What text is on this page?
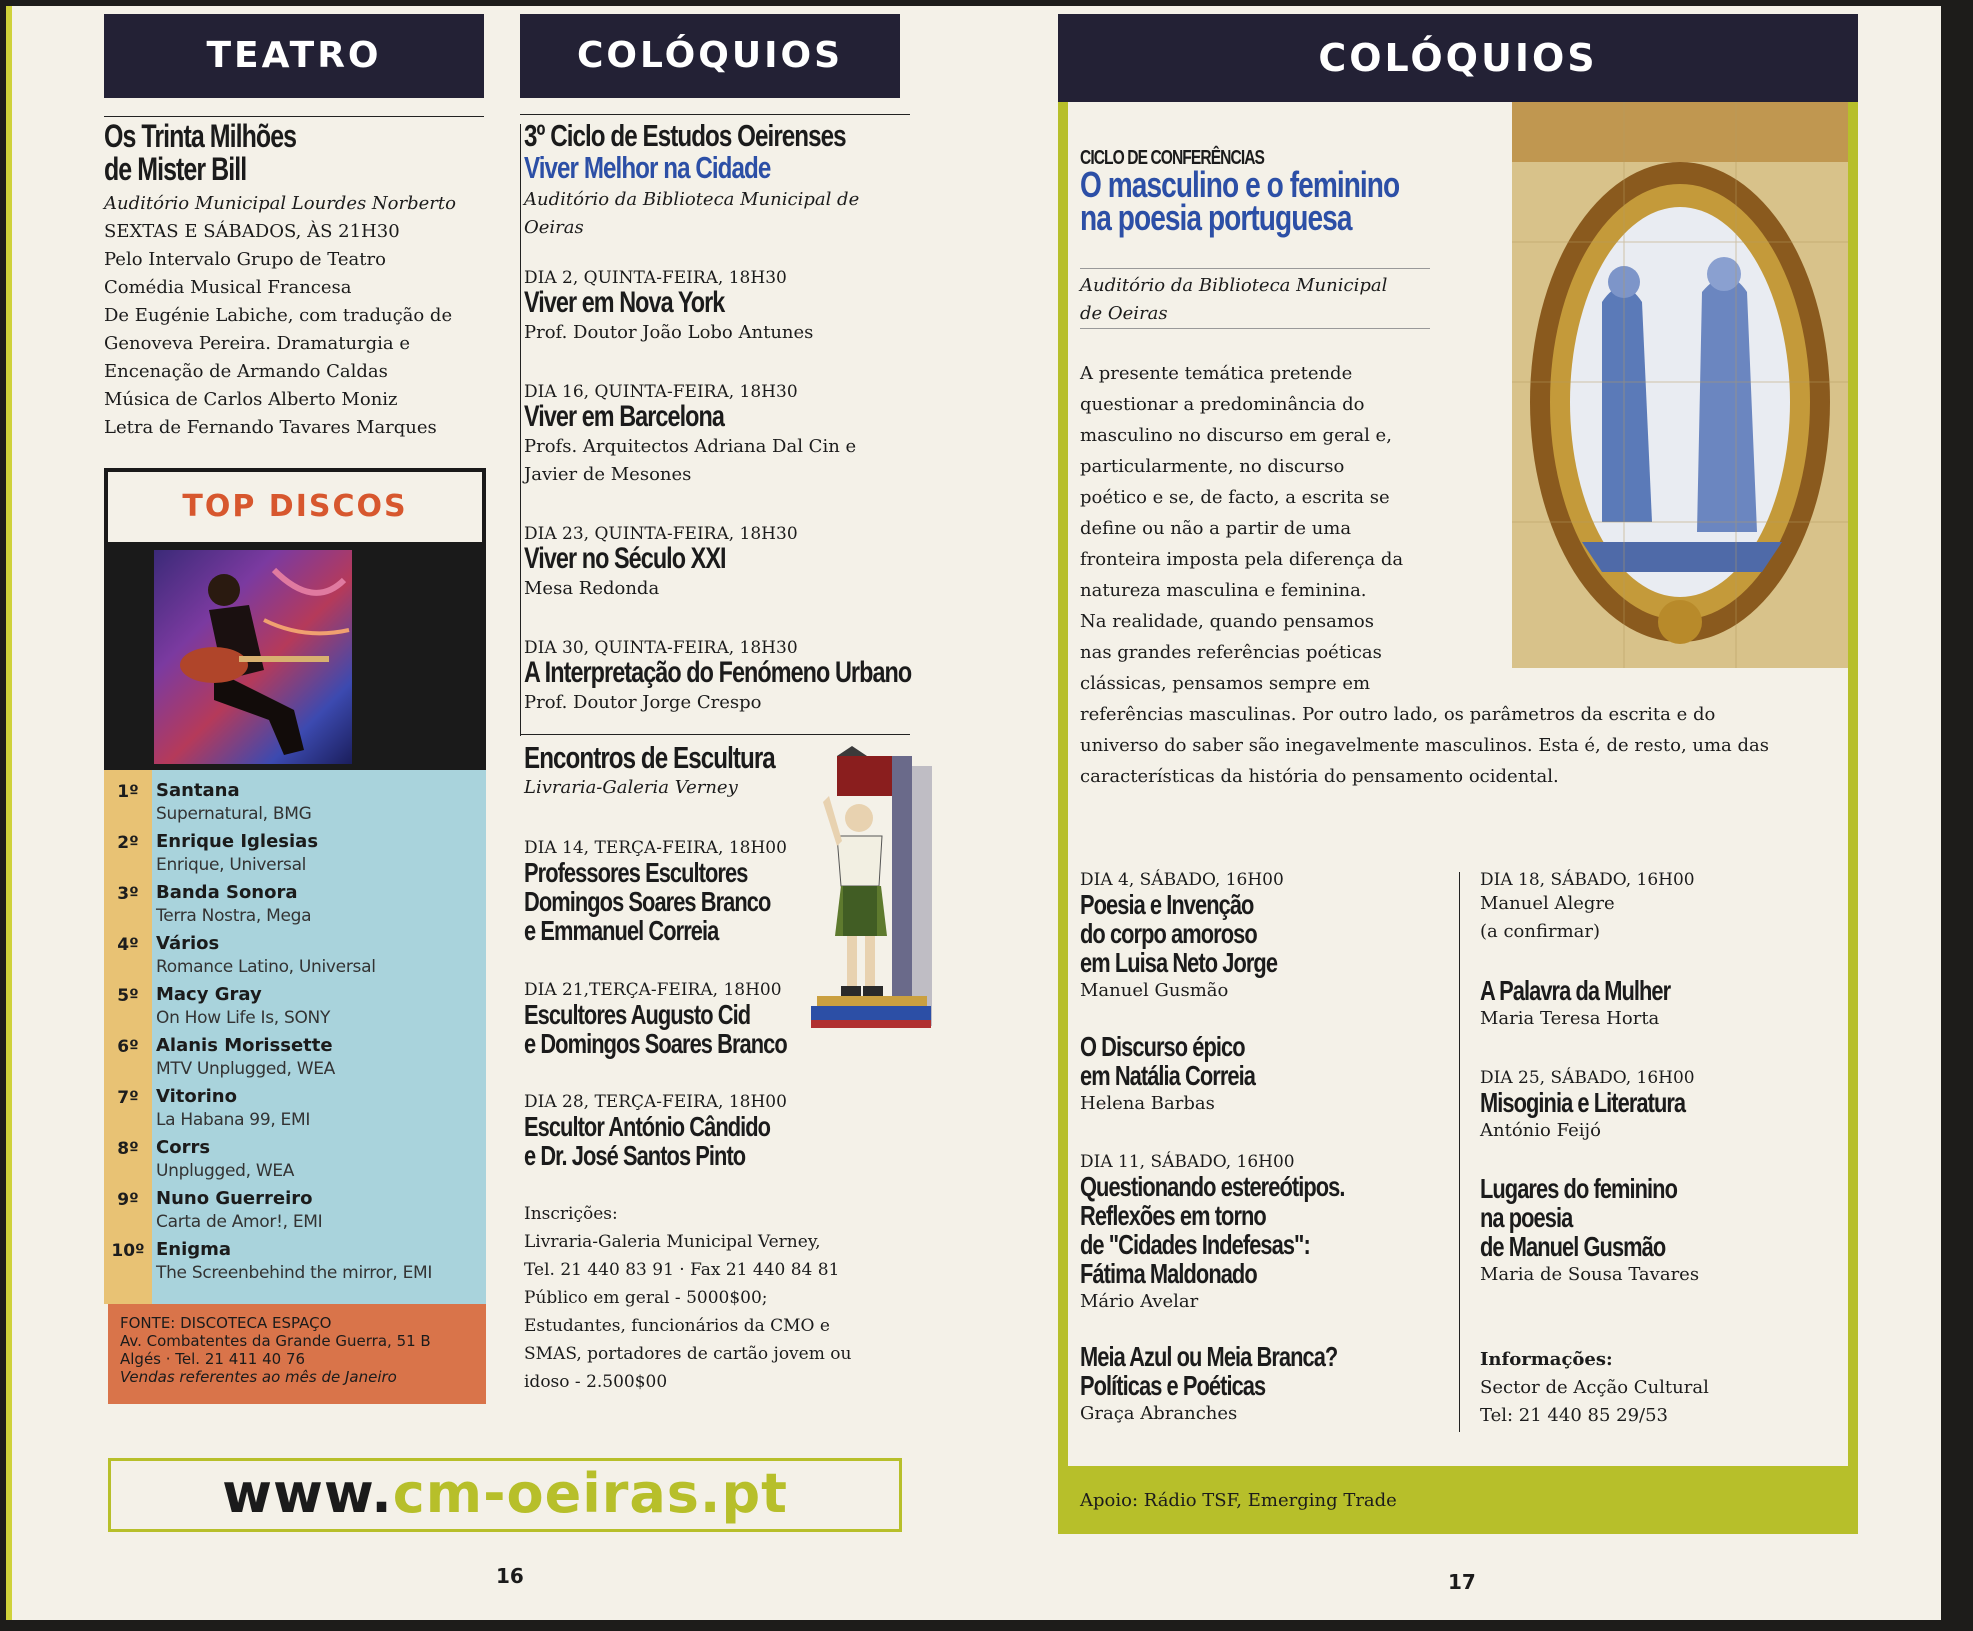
TEATRO
Os Trinta Milhões
de Mister Bill
Auditório Municipal Lourdes Norberto
SEXTAS E SÁBADOS, ÀS 21H30
Pelo Intervalo Grupo de Teatro
Comédia Musical Francesa
De Eugénie Labiche, com tradução de
Genoveva Pereira. Dramaturgia e
Encenação de Armando Caldas
Música de Carlos Alberto Moniz
Letra de Fernando Tavares Marques
TOP DISCOS
1º Santana
Supernatural, BMG
2º Enrique Iglesias
Enrique, Universal
3º Banda Sonora
Terra Nostra, Mega
4º Vários
Romance Latino, Universal
5º Macy Gray
On How Life Is, SONY
6º Alanis Morissette
MTV Unplugged, WEA
7º Vitorino
La Habana 99, EMI
8º Corrs
Unplugged, WEA
9º Nuno Guerreiro
Carta de Amor!, EMI
10º Enigma
The Screenbehind the mirror, EMI
FONTE: DISCOTECA ESPAÇO
Av. Combatentes da Grande Guerra, 51 B
Algés · Tel. 21 411 40 76
Vendas referentes ao mês de Janeiro
COLÓQUIOS
3º Ciclo de Estudos Oeirenses
Viver Melhor na Cidade
Auditório da Biblioteca Municipal de
Oeiras
DIA 2, QUINTA-FEIRA, 18H30
Viver em Nova York
Prof. Doutor João Lobo Antunes
DIA 16, QUINTA-FEIRA, 18H30
Viver em Barcelona
Profs. Arquitectos Adriana Dal Cin e
Javier de Mesones
DIA 23, QUINTA-FEIRA, 18H30
Viver no Século XXI
Mesa Redonda
DIA 30, QUINTA-FEIRA, 18H30
A Interpretação do Fenómeno Urbano
Prof. Doutor Jorge Crespo
Encontros de Escultura
Livraria-Galeria Verney
DIA 14, TERÇA-FEIRA, 18H00
Professores Escultores
Domingos Soares Branco
e Emmanuel Correia
DIA 21,TERÇA-FEIRA, 18H00
Escultores Augusto Cid
e Domingos Soares Branco
DIA 28, TERÇA-FEIRA, 18H00
Escultor António Cândido
e Dr. José Santos Pinto
Inscrições:
Livraria-Galeria Municipal Verney,
Tel. 21 440 83 91 · Fax 21 440 84 81
Público em geral - 5000$00;
Estudantes, funcionários da CMO e
SMAS, portadores de cartão jovem ou
idoso - 2.500$00
www.cm-oeiras.pt
16
COLÓQUIOS
CICLO DE CONFERÊNCIAS
O masculino e o feminino
na poesia portuguesa
Auditório da Biblioteca Municipal
de Oeiras
A presente temática pretende
questionar a predominância do
masculino no discurso em geral e,
particularmente, no discurso
poético e se, de facto, a escrita se
define ou não a partir de uma
fronteira imposta pela diferença da
natureza masculina e feminina.
Na realidade, quando pensamos
nas grandes referências poéticas
clássicas, pensamos sempre em
referências masculinas. Por outro lado, os parâmetros da escrita e do
universo do saber são inegavelmente masculinos. Esta é, de resto, uma das
características da história do pensamento ocidental.
DIA 4, SÁBADO, 16H00
Poesia e Invenção
do corpo amoroso
em Luisa Neto Jorge
Manuel Gusmão
O Discurso épico
em Natália Correia
Helena Barbas
DIA 11, SÁBADO, 16H00
Questionando estereótipos.
Reflexões em torno
de "Cidades Indefesas":
Fátima Maldonado
Mário Avelar
Meia Azul ou Meia Branca?
Políticas e Poéticas
Graça Abranches
DIA 18, SÁBADO, 16H00
Manuel Alegre
(a confirmar)
A Palavra da Mulher
Maria Teresa Horta
DIA 25, SÁBADO, 16H00
Misoginia e Literatura
António Feijó
Lugares do feminino
na poesia
de Manuel Gusmão
Maria de Sousa Tavares
Informações:
Sector de Acção Cultural
Tel: 21 440 85 29/53
Apoio: Rádio TSF, Emerging Trade
17
